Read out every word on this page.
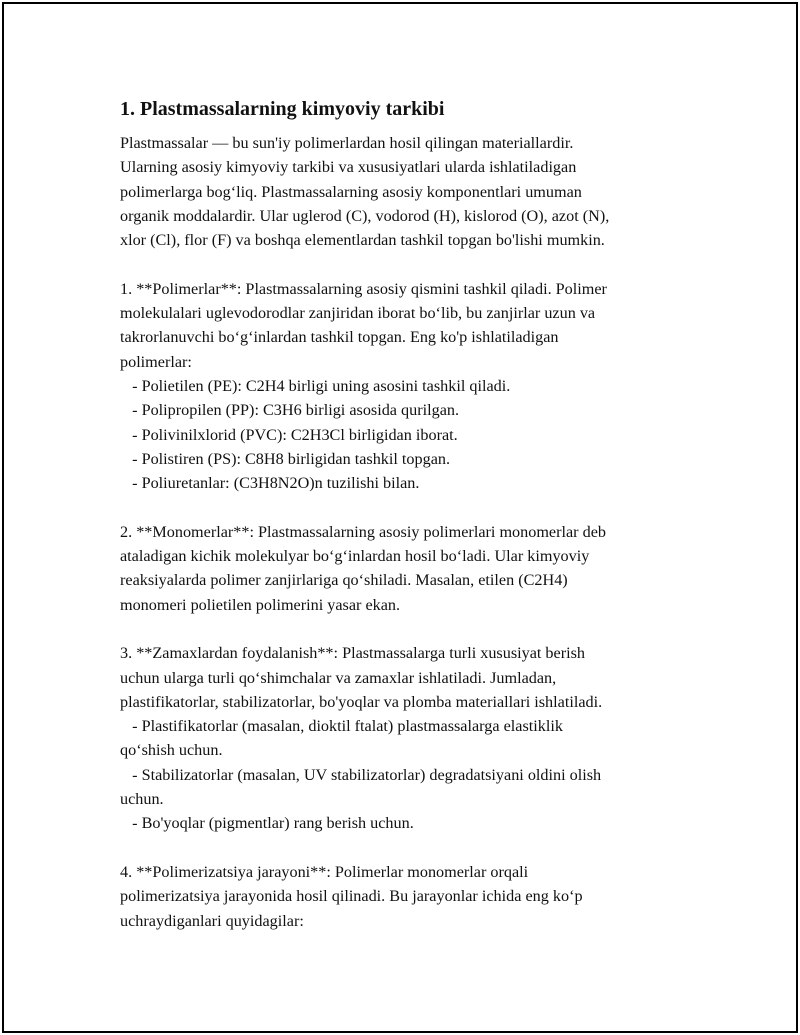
1. Plastmassalarning kimyoviy tarkibi
Plastmassalar — bu sun'iy polimerlardan hosil qilingan materiallardir.
Ularning asosiy kimyoviy tarkibi va xususiyatlari ularda ishlatiladigan
polimerlarga bog‘liq. Plastmassalarning asosiy komponentlari umuman
organik moddalardir. Ular uglerod (C), vodorod (H), kislorod (O), azot (N),
xlor (Cl), flor (F) va boshqa elementlardan tashkil topgan bo'lishi mumkin.
1. **Polimerlar**: Plastmassalarning asosiy qismini tashkil qiladi. Polimer
molekulalari uglevodorodlar zanjiridan iborat bo‘lib, bu zanjirlar uzun va
takrorlanuvchi bo‘g‘inlardan tashkil topgan. Eng ko'p ishlatiladigan
polimerlar:
- Polietilen (PE): C2H4 birligi uning asosini tashkil qiladi.
- Polipropilen (PP): C3H6 birligi asosida qurilgan.
- Polivinilxlorid (PVC): C2H3Cl birligidan iborat.
- Polistiren (PS): C8H8 birligidan tashkil topgan.
- Poliuretanlar: (C3H8N2O)n tuzilishi bilan.
2. **Monomerlar**: Plastmassalarning asosiy polimerlari monomerlar deb
ataladigan kichik molekulyar bo‘g‘inlardan hosil bo‘ladi. Ular kimyoviy
reaksiyalarda polimer zanjirlariga qo‘shiladi. Masalan, etilen (C2H4)
monomeri polietilen polimerini yasar ekan.
3. **Zamaxlardan foydalanish**: Plastmassalarga turli xususiyat berish
uchun ularga turli qo‘shimchalar va zamaxlar ishlatiladi. Jumladan,
plastifikatorlar, stabilizatorlar, bo'yoqlar va plomba materiallari ishlatiladi.
- Plastifikatorlar (masalan, dioktil ftalat) plastmassalarga elastiklik
qo‘shish uchun.
- Stabilizatorlar (masalan, UV stabilizatorlar) degradatsiyani oldini olish
uchun.
- Bo'yoqlar (pigmentlar) rang berish uchun.
4. **Polimerizatsiya jarayoni**: Polimerlar monomerlar orqali
polimerizatsiya jarayonida hosil qilinadi. Bu jarayonlar ichida eng ko‘p
uchraydiganlari quyidagilar:
